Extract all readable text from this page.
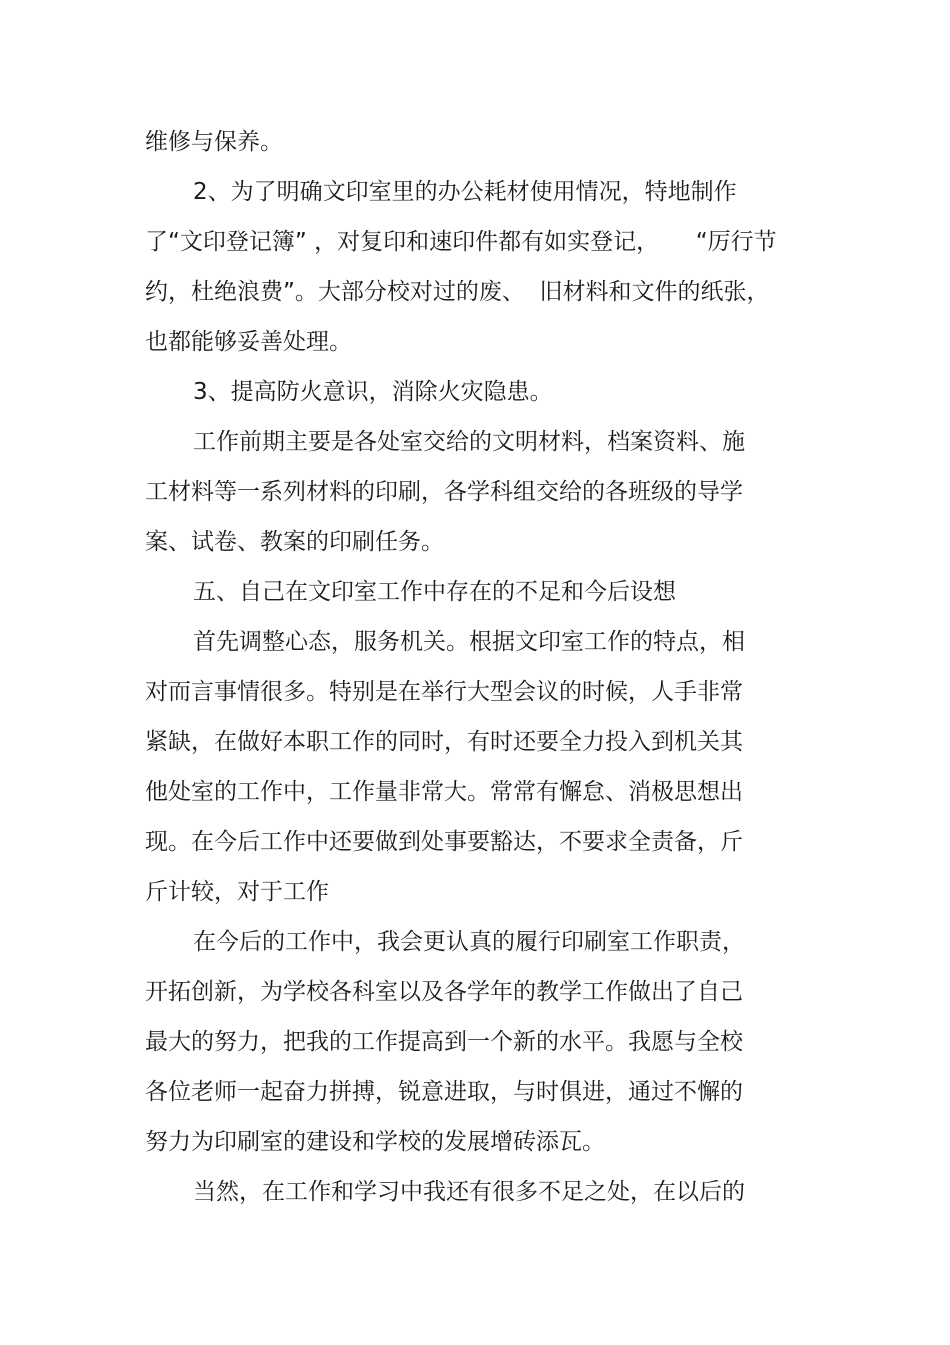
维修与保养。
2、为了明确文印室里的办公耗材使用情况，特地制作
了“文印登记簿” ，对复印和速印件都有如实登记，     “厉行节
约，杜绝浪费”。大部分校对过的废、  旧材料和文件的纸张，
也都能够妥善处理。
3、提高防火意识，消除火灾隐患。
工作前期主要是各处室交给的文明材料，档案资料、施
工材料等一系列材料的印刷，各学科组交给的各班级的导学
案、试卷、教案的印刷任务。
五、自己在文印室工作中存在的不足和今后设想
首先调整心态，服务机关。根据文印室工作的特点，相
对而言事情很多。特别是在举行大型会议的时候，人手非常
紧缺，在做好本职工作的同时，有时还要全力投入到机关其
他处室的工作中，工作量非常大。常常有懈怠、消极思想出
现。在今后工作中还要做到处事要豁达，不要求全责备，斤
斤计较，对于工作
在今后的工作中，我会更认真的履行印刷室工作职责，
开拓创新，为学校各科室以及各学年的教学工作做出了自己
最大的努力，把我的工作提高到一个新的水平。我愿与全校
各位老师一起奋力拼搏，锐意进取，与时俱进，通过不懈的
努力为印刷室的建设和学校的发展增砖添瓦。
当然，在工作和学习中我还有很多不足之处，在以后的
